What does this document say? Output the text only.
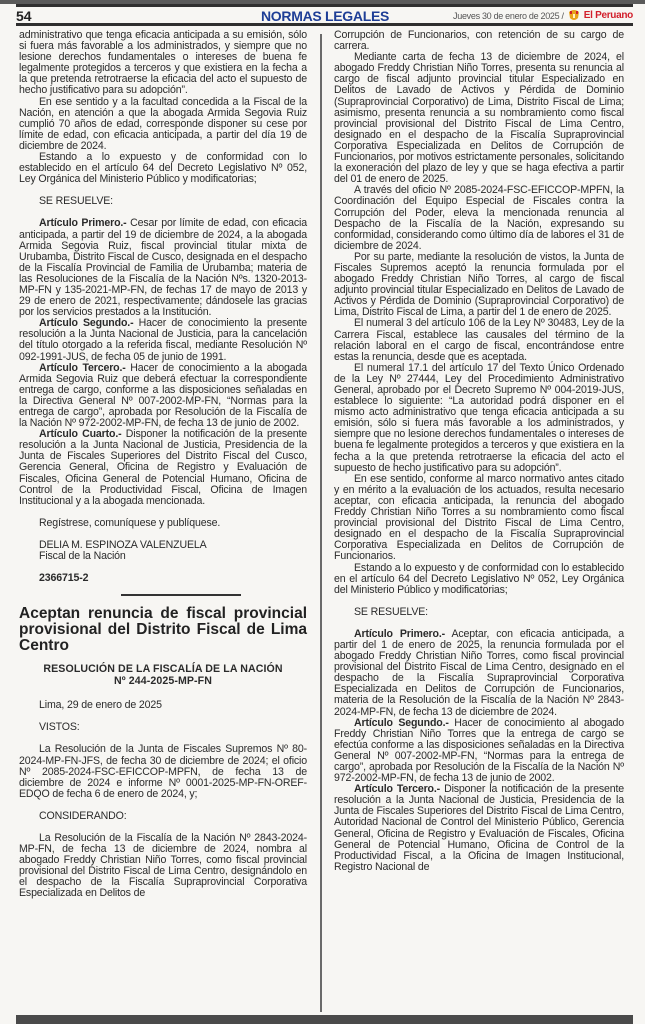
54	NORMAS LEGALES	Jueves 30 de enero de 2025 / El Peruano

administrativo que tenga eficacia anticipada a su emisión, sólo si fuera más favorable a los administrados, y siempre que no lesione derechos fundamentales o intereses de buena fe legalmente protegidos a terceros y que existiera en la fecha a la que pretenda retrotraerse la eficacia del acto el supuesto de hecho justificativo para su adopción”.

En ese sentido y a la facultad concedida a la Fiscal de la Nación, en atención a que la abogada Armida Segovia Ruiz cumplió 70 años de edad, corresponde disponer su cese por límite de edad, con eficacia anticipada, a partir del día 19 de diciembre de 2024.

Estando a lo expuesto y de conformidad con lo establecido en el artículo 64 del Decreto Legislativo Nº 052, Ley Orgánica del Ministerio Público y modificatorias;

SE RESUELVE:

Artículo Primero.- Cesar por límite de edad, con eficacia anticipada, a partir del 19 de diciembre de 2024, a la abogada Armida Segovia Ruiz, fiscal provincial titular mixta de Urubamba, Distrito Fiscal de Cusco, designada en el despacho de la Fiscalía Provincial de Familia de Urubamba; materia de las Resoluciones de la Fiscalía de la Nación Nºs. 1320-2013-MP-FN y 135-2021-MP-FN, de fechas 17 de mayo de 2013 y 29 de enero de 2021, respectivamente; dándosele las gracias por los servicios prestados a la Institución.

Artículo Segundo.- Hacer de conocimiento la presente resolución a la Junta Nacional de Justicia, para la cancelación del título otorgado a la referida fiscal, mediante Resolución Nº 092-1991-JUS, de fecha 05 de junio de 1991.

Artículo Tercero.- Hacer de conocimiento a la abogada Armida Segovia Ruiz que deberá efectuar la correspondiente entrega de cargo, conforme a las disposiciones señaladas en la Directiva General Nº 007-2002-MP-FN, “Normas para la entrega de cargo”, aprobada por Resolución de la Fiscalía de la Nación Nº 972-2002-MP-FN, de fecha 13 de junio de 2002.

Artículo Cuarto.- Disponer la notificación de la presente resolución a la Junta Nacional de Justicia, Presidencia de la Junta de Fiscales Superiores del Distrito Fiscal del Cusco, Gerencia General, Oficina de Registro y Evaluación de Fiscales, Oficina General de Potencial Humano, Oficina de Control de la Productividad Fiscal, Oficina de Imagen Institucional y a la abogada mencionada.

Regístrese, comuníquese y publíquese.

DELIA M. ESPINOZA VALENZUELA

Fiscal de la Nación

2366715-2

Aceptan renuncia de fiscal provincial provisional del Distrito Fiscal de Lima Centro

RESOLUCIÓN DE LA FISCALÍA DE LA NACIÓN
Nº 244-2025-MP-FN

Lima, 29 de enero de 2025

VISTOS:

La Resolución de la Junta de Fiscales Supremos Nº 80-2024-MP-FN-JFS, de fecha 30 de diciembre de 2024; el oficio Nº 2085-2024-FSC-EFICCOP-MPFN, de fecha 13 de diciembre de 2024 e informe Nº 0001-2025-MP-FN-OREF-EDQO de fecha 6 de enero de 2024, y;

CONSIDERANDO:

La Resolución de la Fiscalía de la Nación Nº 2843-2024-MP-FN, de fecha 13 de diciembre de 2024, nombra al abogado Freddy Christian Niño Torres, como fiscal provincial provisional del Distrito Fiscal de Lima Centro, designándolo en el despacho de la Fiscalía Supraprovincial Corporativa Especializada en Delitos de

Corrupción de Funcionarios, con retención de su cargo de carrera.

Mediante carta de fecha 13 de diciembre de 2024, el abogado Freddy Christian Niño Torres, presenta su renuncia al cargo de fiscal adjunto provincial titular Especializado en Delitos de Lavado de Activos y Pérdida de Dominio (Supraprovincial Corporativo) de Lima, Distrito Fiscal de Lima; asimismo, presenta renuncia a su nombramiento como fiscal provincial provisional del Distrito Fiscal de Lima Centro, designado en el despacho de la Fiscalía Supraprovincial Corporativa Especializada en Delitos de Corrupción de Funcionarios, por motivos estrictamente personales, solicitando la exoneración del plazo de ley y que se haga efectiva a partir del 01 de enero de 2025.

A través del oficio Nº 2085-2024-FSC-EFICCOP-MPFN, la Coordinación del Equipo Especial de Fiscales contra la Corrupción del Poder, eleva la mencionada renuncia al Despacho de la Fiscalía de la Nación, expresando su conformidad, considerando como último día de labores el 31 de diciembre de 2024.

Por su parte, mediante la resolución de vistos, la Junta de Fiscales Supremos aceptó la renuncia formulada por el abogado Freddy Christian Niño Torres, al cargo de fiscal adjunto provincial titular Especializado en Delitos de Lavado de Activos y Pérdida de Dominio (Supraprovincial Corporativo) de Lima, Distrito Fiscal de Lima, a partir del 1 de enero de 2025.

El numeral 3 del artículo 106 de la Ley Nº 30483, Ley de la Carrera Fiscal, establece las causales del término de la relación laboral en el cargo de fiscal, encontrándose entre estas la renuncia, desde que es aceptada.

El numeral 17.1 del artículo 17 del Texto Único Ordenado de la Ley Nº 27444, Ley del Procedimiento Administrativo General, aprobado por el Decreto Supremo Nº 004-2019-JUS, establece lo siguiente: “La autoridad podrá disponer en el mismo acto administrativo que tenga eficacia anticipada a su emisión, sólo si fuera más favorable a los administrados, y siempre que no lesione derechos fundamentales o intereses de buena fe legalmente protegidos a terceros y que existiera en la fecha a la que pretenda retrotraerse la eficacia del acto el supuesto de hecho justificativo para su adopción”.

En ese sentido, conforme al marco normativo antes citado y en mérito a la evaluación de los actuados, resulta necesario aceptar, con eficacia anticipada, la renuncia del abogado Freddy Christian Niño Torres a su nombramiento como fiscal provincial provisional del Distrito Fiscal de Lima Centro, designado en el despacho de la Fiscalía Supraprovincial Corporativa Especializada en Delitos de Corrupción de Funcionarios.

Estando a lo expuesto y de conformidad con lo establecido en el artículo 64 del Decreto Legislativo Nº 052, Ley Orgánica del Ministerio Público y modificatorias;

SE RESUELVE:

Artículo Primero.- Aceptar, con eficacia anticipada, a partir del 1 de enero de 2025, la renuncia formulada por el abogado Freddy Christian Niño Torres, como fiscal provincial provisional del Distrito Fiscal de Lima Centro, designado en el despacho de la Fiscalía Supraprovincial Corporativa Especializada en Delitos de Corrupción de Funcionarios, materia de la Resolución de la Fiscalía de la Nación Nº 2843-2024-MP-FN, de fecha 13 de diciembre de 2024.

Artículo Segundo.- Hacer de conocimiento al abogado Freddy Christian Niño Torres que la entrega de cargo se efectúa conforme a las disposiciones señaladas en la Directiva General Nº 007-2002-MP-FN, “Normas para la entrega de cargo”, aprobada por Resolución de la Fiscalía de la Nación Nº 972-2002-MP-FN, de fecha 13 de junio de 2002.

Artículo Tercero.- Disponer la notificación de la presente resolución a la Junta Nacional de Justicia, Presidencia de la Junta de Fiscales Superiores del Distrito Fiscal de Lima Centro, Autoridad Nacional de Control del Ministerio Público, Gerencia General, Oficina de Registro y Evaluación de Fiscales, Oficina General de Potencial Humano, Oficina de Control de la Productividad Fiscal, a la Oficina de Imagen Institucional, Registro Nacional de
